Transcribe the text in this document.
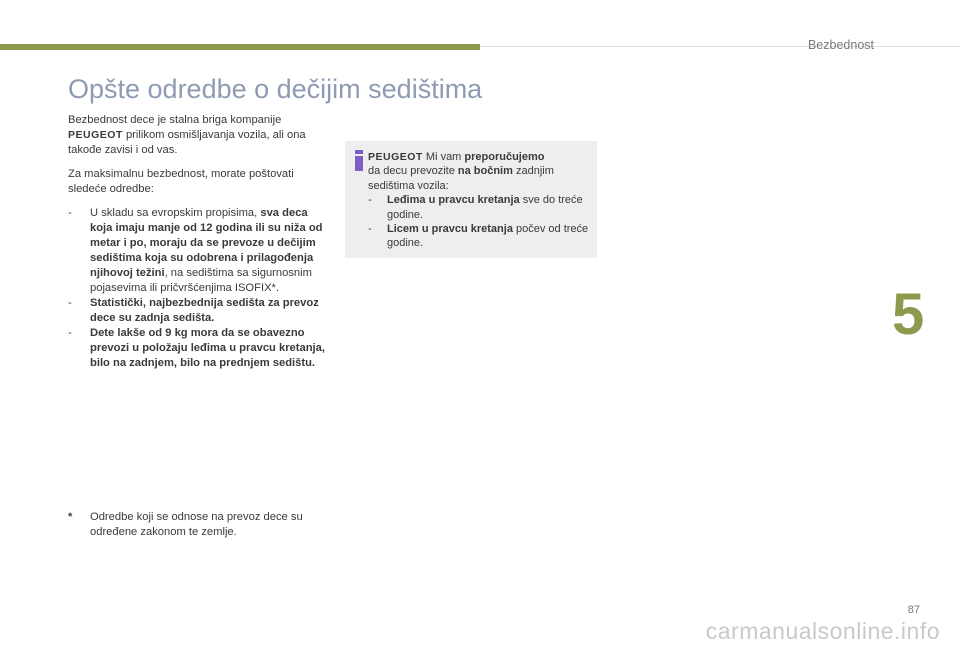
Bezbednost
Opšte odredbe o dečijim sedištima

Bezbednost dece je stalna briga kompanije
PEUGEOT prilikom osmišljavanja vozila, ali ona takođe zavisi i od vas.

Za maksimalnu bezbednost, morate poštovati sledeće odredbe:

- U skladu sa evropskim propisima, sva deca koja imaju manje od 12 godina ili su niža od metar i po, moraju da se prevoze u dečijim sedištima koja su odobrena i prilagođenja njihovoj težini, na sedištima sa sigurnosnim pojasevima ili pričvršćenjima ISOFIX*.
- Statistički, najbezbednija sedišta za prevoz dece su zadnja sedišta.
- Dete lakše od 9 kg mora da se obavezno prevozi u položaju leđima u pravcu kretanja, bilo na zadnjem, bilo na prednjem sedištu.
*	Odredbe koji se odnose na prevoz dece su određene zakonom te zemlje.
PEUGEOT Mi vam preporučujemo
da decu prevozite na bočnim zadnjim sedištima vozila:
- Leđima u pravcu kretanja sve do treće godine.
- Licem u pravcu kretanja počev od treće godine.
5
87
carmanualsonline.info
